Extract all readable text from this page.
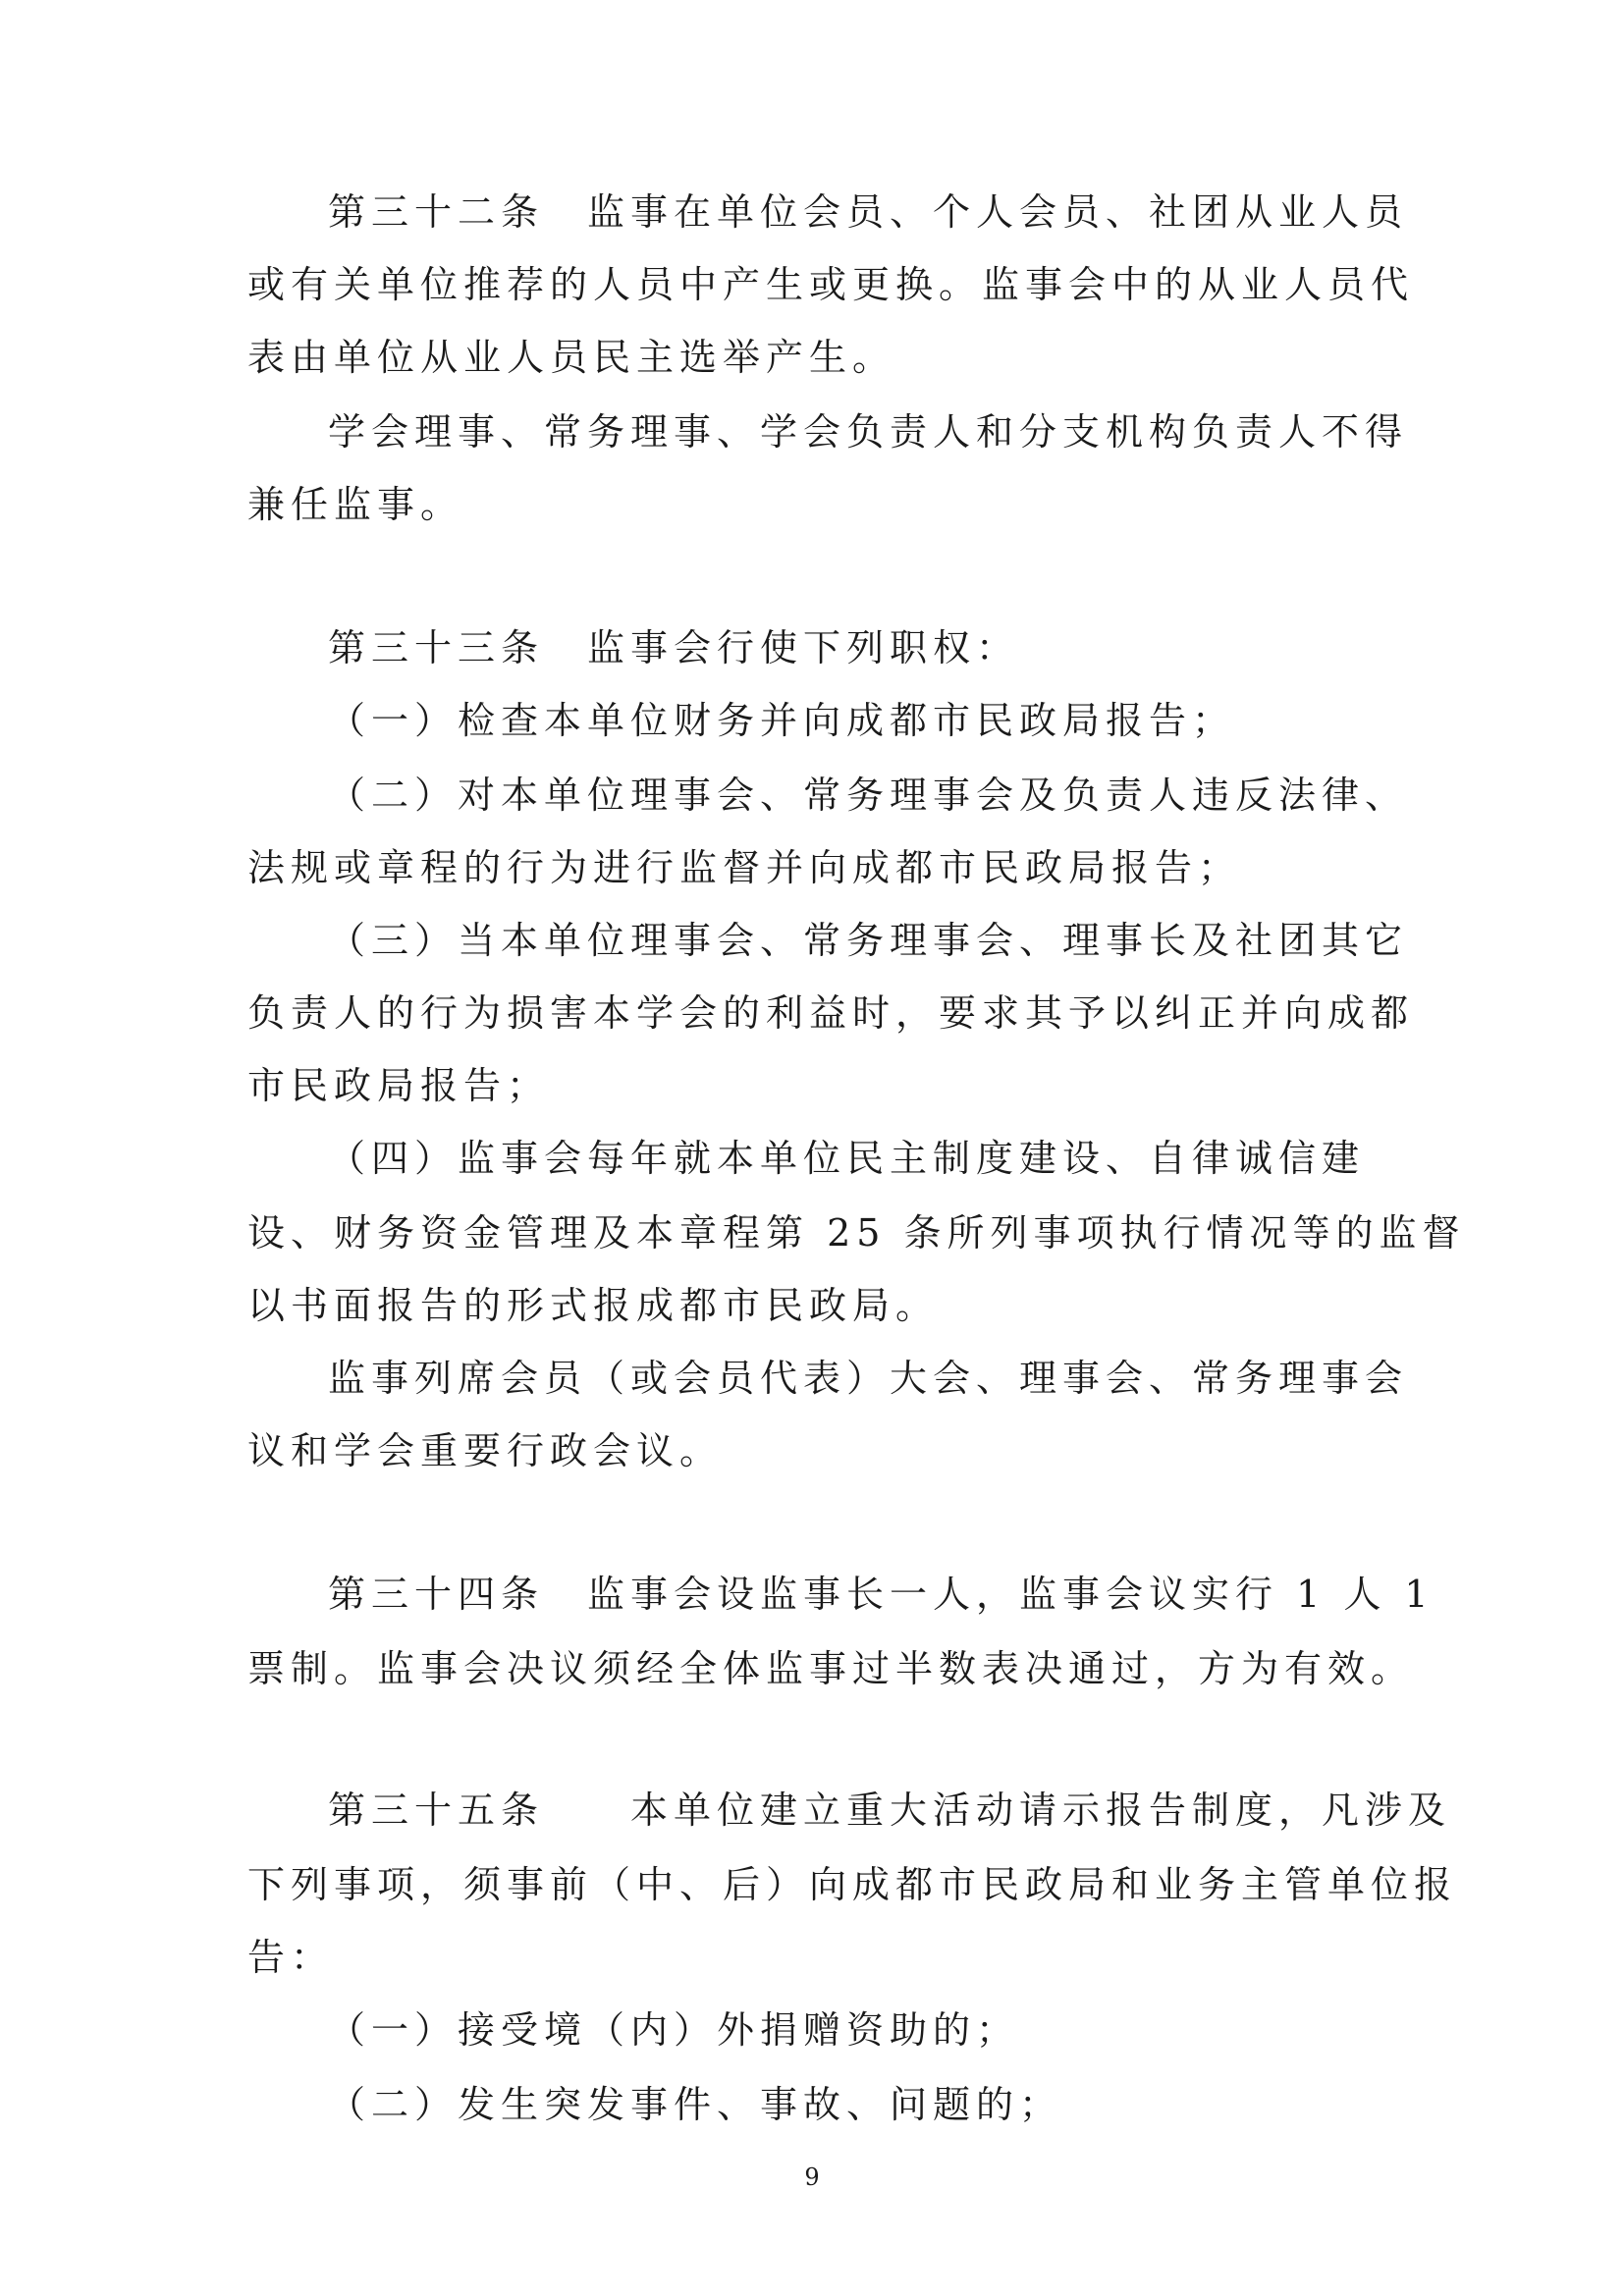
第三十二条　监事在单位会员、个人会员、社团从业人员
或有关单位推荐的人员中产生或更换。监事会中的从业人员代
表由单位从业人员民主选举产生。
学会理事、常务理事、学会负责人和分支机构负责人不得
兼任监事。
第三十三条　监事会行使下列职权：
（一）检查本单位财务并向成都市民政局报告；
（二）对本单位理事会、常务理事会及负责人违反法律、
法规或章程的行为进行监督并向成都市民政局报告；
（三）当本单位理事会、常务理事会、理事长及社团其它
负责人的行为损害本学会的利益时，要求其予以纠正并向成都
市民政局报告；
（四）监事会每年就本单位民主制度建设、自律诚信建
设、财务资金管理及本章程第 25 条所列事项执行情况等的监督
以书面报告的形式报成都市民政局。
监事列席会员（或会员代表）大会、理事会、常务理事会
议和学会重要行政会议。
第三十四条　监事会设监事长一人，监事会议实行 1 人 1
票制。监事会决议须经全体监事过半数表决通过，方为有效。
第三十五条　　本单位建立重大活动请示报告制度，凡涉及
下列事项，须事前（中、后）向成都市民政局和业务主管单位报
告：
（一）接受境（内）外捐赠资助的；
（二）发生突发事件、事故、问题的；
9
